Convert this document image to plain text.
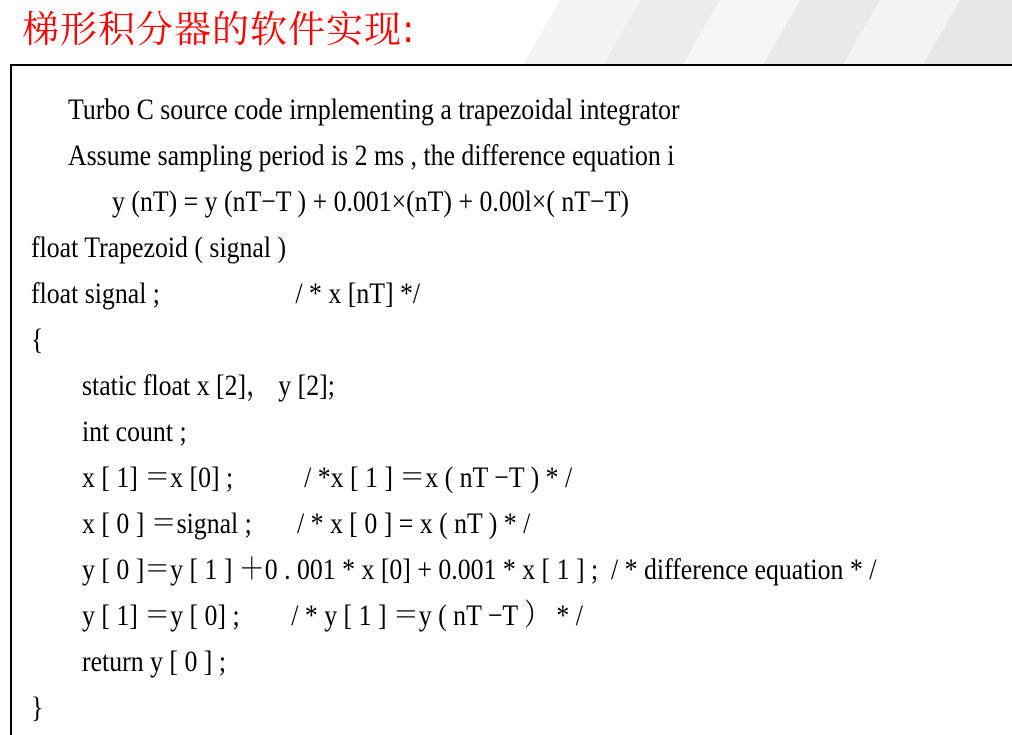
梯形积分器的软件实现:
Turbo C source code irnplementing a trapezoidal integrator
Assume sampling period is 2 ms , the difference equation i
y (nT) = y (nT−T ) + 0.001×(nT) + 0.00l×( nT−T)
float Trapezoid ( signal )
float signal ;                     / * x [nT] */
{
static float x [2]， y [2];
int count ;
x [ 1] ＝x [0] ;           / *x [ 1 ] ＝x ( nT −T ) * /
x [ 0 ] ＝signal ;       / * x [ 0 ] = x ( nT ) * /
y [ 0 ]＝y [ 1 ] ＋0 . 001 * x [0] + 0.001 * x [ 1 ] ;  / * difference equation * /
y [ 1] ＝y [ 0] ;        / * y [ 1 ] ＝y ( nT −T ） * /
return y [ 0 ] ;
}
